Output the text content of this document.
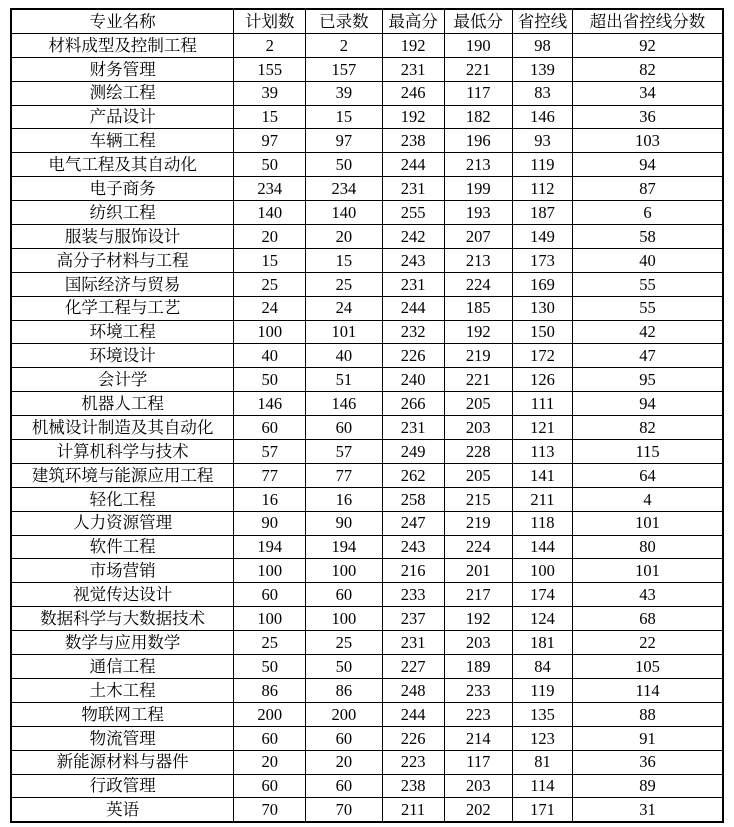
专业名称	计划数	已录数	最高分	最低分	省控线	超出省控线分数
材料成型及控制工程	2	2	192	190	98	92
财务管理	155	157	231	221	139	82
测绘工程	39	39	246	117	83	34
产品设计	15	15	192	182	146	36
车辆工程	97	97	238	196	93	103
电气工程及其自动化	50	50	244	213	119	94
电子商务	234	234	231	199	112	87
纺织工程	140	140	255	193	187	6
服装与服饰设计	20	20	242	207	149	58
高分子材料与工程	15	15	243	213	173	40
国际经济与贸易	25	25	231	224	169	55
化学工程与工艺	24	24	244	185	130	55
环境工程	100	101	232	192	150	42
环境设计	40	40	226	219	172	47
会计学	50	51	240	221	126	95
机器人工程	146	146	266	205	111	94
机械设计制造及其自动化	60	60	231	203	121	82
计算机科学与技术	57	57	249	228	113	115
建筑环境与能源应用工程	77	77	262	205	141	64
轻化工程	16	16	258	215	211	4
人力资源管理	90	90	247	219	118	101
软件工程	194	194	243	224	144	80
市场营销	100	100	216	201	100	101
视觉传达设计	60	60	233	217	174	43
数据科学与大数据技术	100	100	237	192	124	68
数学与应用数学	25	25	231	203	181	22
通信工程	50	50	227	189	84	105
土木工程	86	86	248	233	119	114
物联网工程	200	200	244	223	135	88
物流管理	60	60	226	214	123	91
新能源材料与器件	20	20	223	117	81	36
行政管理	60	60	238	203	114	89
英语	70	70	211	202	171	31
